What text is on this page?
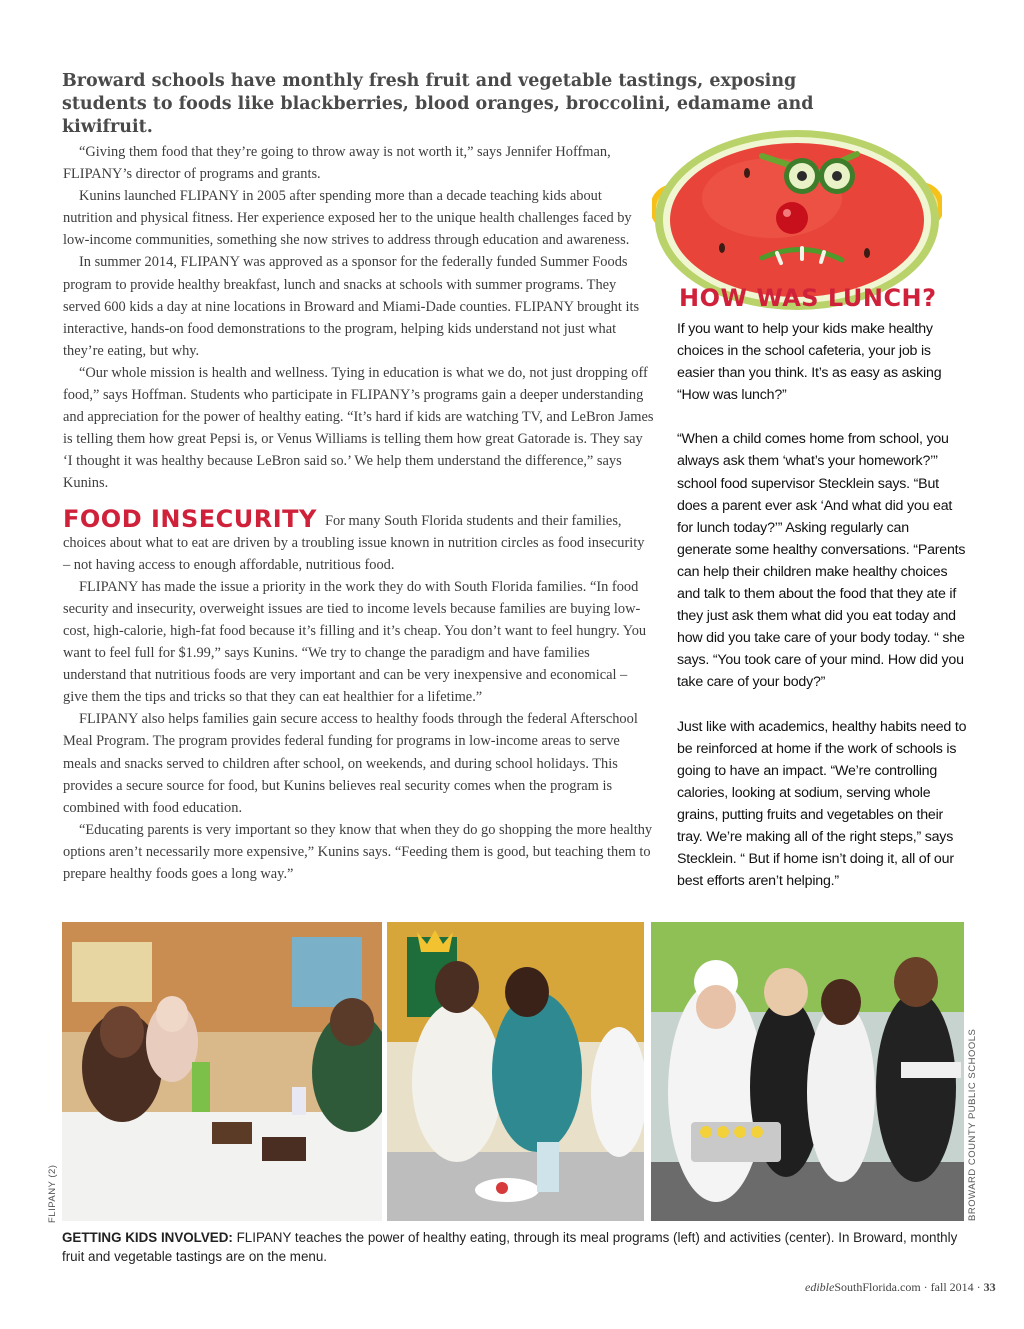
Broward schools have monthly fresh fruit and vegetable tastings, exposing students to foods like blackberries, blood oranges, broccolini, edamame and kiwifruit.

“Giving them food that they’re going to throw away is not worth it,” says Jennifer Hoffman, FLIPANY’s director of programs and grants.

Kunins launched FLIPANY in 2005 after spending more than a decade teaching kids about nutrition and physical fitness. Her experience exposed her to the unique health challenges faced by low-income communities, something she now strives to address through education and awareness.

In summer 2014, FLIPANY was approved as a sponsor for the federally funded Summer Foods program to provide healthy breakfast, lunch and snacks at schools with summer programs. They served 600 kids a day at nine locations in Broward and Miami-Dade counties. FLIPANY brought its interactive, hands-on food demonstrations to the program, helping kids understand not just what they’re eating, but why.

“Our whole mission is health and wellness. Tying in education is what we do, not just dropping off food,” says Hoffman. Students who participate in FLIPANY’s programs gain a deeper understanding and appreciation for the power of healthy eating. “It’s hard if kids are watching TV, and LeBron James is telling them how great Pepsi is, or Venus Williams is telling them how great Gatorade is. They say ‘I thought it was healthy because LeBron said so.’ We help them understand the difference,” says Kunins.

FOOD INSECURITY For many South Florida students and their families, choices about what to eat are driven by a troubling issue known in nutrition circles as food insecurity – not having access to enough affordable, nutritious food.

FLIPANY has made the issue a priority in the work they do with South Florida families. “In food security and insecurity, overweight issues are tied to income levels because families are buying low-cost, high-calorie, high-fat food because it’s filling and it’s cheap. You don’t want to feel hungry. You want to feel full for $1.99,” says Kunins. “We try to change the paradigm and have families understand that nutritious foods are very important and can be very inexpensive and economical – give them the tips and tricks so that they can eat healthier for a lifetime.”

FLIPANY also helps families gain secure access to healthy foods through the federal Afterschool Meal Program. The program provides federal funding for programs in low-income areas to serve meals and snacks served to children after school, on weekends, and during school holidays. This provides a secure source for food, but Kunins believes real security comes when the program is combined with food education.

“Educating parents is very important so they know that when they do go shopping the more healthy options aren’t necessarily more expensive,” Kunins says. “Feeding them is good, but teaching them to prepare healthy foods goes a long way.”

HOW WAS LUNCH?

If you want to help your kids make healthy choices in the school cafeteria, your job is easier than you think. It’s as easy as asking “How was lunch?”

“When a child comes home from school, you always ask them ‘what’s your homework?’” school food supervisor Stecklein says. “But does a parent ever ask ‘And what did you eat for lunch today?’” Asking regularly can generate some healthy conversations. “Parents can help their children make healthy choices and talk to them about the food that they ate if they just ask them what did you eat today and how did you take care of your body today. “ she says. “You took care of your mind. How did you take care of your body?”

Just like with academics, healthy habits need to be reinforced at home if the work of schools is going to have an impact. “We’re controlling calories, looking at sodium, serving whole grains, putting fruits and vegetables on their tray. We’re making all of the right steps,” says Stecklein. “ But if home isn’t doing it, all of our best efforts aren’t helping.”

FLIPANY (2)	BROWARD COUNTY PUBLIC SCHOOLS

GETTING KIDS INVOLVED: FLIPANY teaches the power of healthy eating, through its meal programs (left) and activities (center). In Broward, monthly fruit and vegetable tastings are on the menu.

edibleSouthFlorida.com · fall 2014 · 33
